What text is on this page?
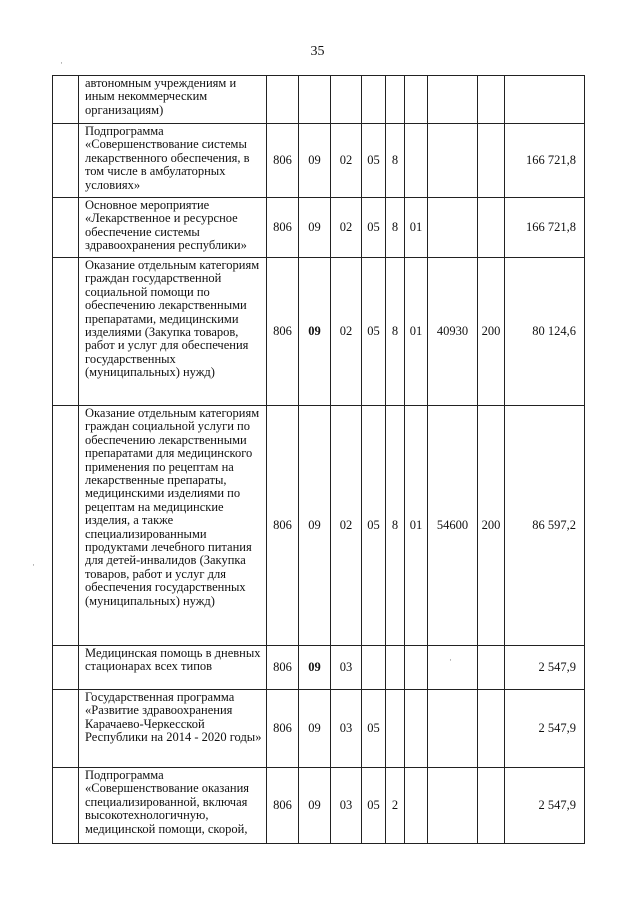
35
	автономным учреждениям и иным некоммерческим организациям)									
	Подпрограмма «Совершенствование системы лекарственного обеспечения, в том числе в амбулаторных условиях»	806	09	02	05	8				166 721,8
	Основное мероприятие «Лекарственное и ресурсное обеспечение системы здравоохранения республики»	806	09	02	05	8	01			166 721,8
	Оказание отдельным категориям граждан государственной социальной помощи по обеспечению лекарственными препаратами, медицинскими изделиями (Закупка товаров, работ и услуг для обеспечения государственных (муниципальных) нужд)	806	09	02	05	8	01	40930	200	80 124,6
	Оказание отдельным категориям граждан социальной услуги по обеспечению лекарственными препаратами для медицинского применения по рецептам на лекарственные препараты, медицинскими изделиями по рецептам на медицинские изделия, а также специализированными продуктами лечебного питания для детей-инвалидов (Закупка товаров, работ и услуг для обеспечения государственных (муниципальных) нужд)	806	09	02	05	8	01	54600	200	86 597,2
	Медицинская помощь в дневных стационарах всех типов	806	09	03						2 547,9
	Государственная программа «Развитие здравоохранения Карачаево-Черкесской Республики на 2014 - 2020 годы»	806	09	03	05					2 547,9
	Подпрограмма «Совершенствование оказания специализированной, включая высокотехнологичную, медицинской помощи, скорой,	806	09	03	05	2				2 547,9
·
·
·
